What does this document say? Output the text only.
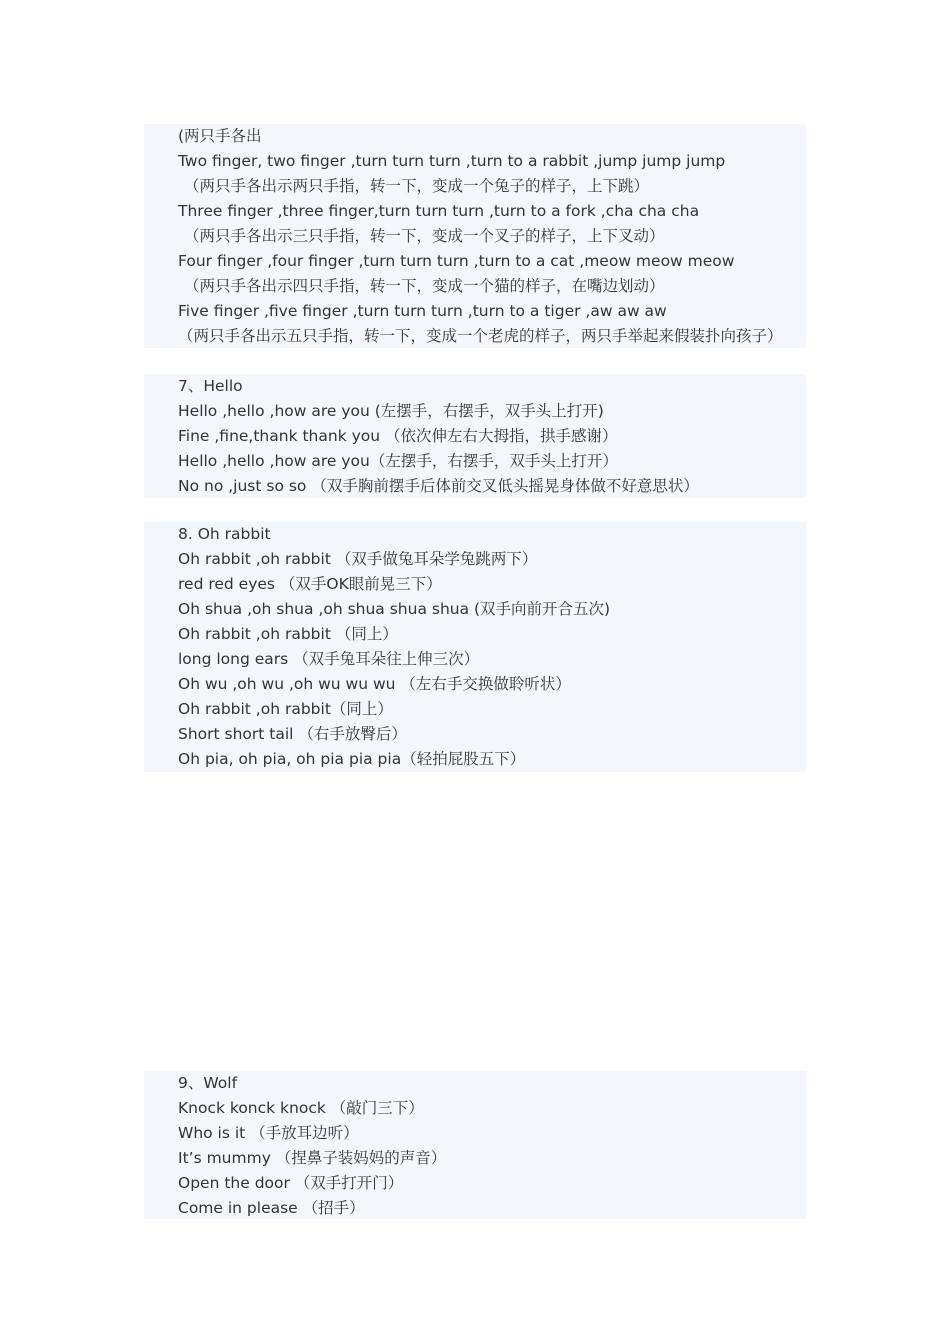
(两只手各出
Two finger, two finger ,turn turn turn ,turn to a rabbit ,jump jump jump
（两只手各出示两只手指，转一下，变成一个兔子的样子，上下跳）
Three finger ,three finger,turn turn turn ,turn to a fork ,cha cha cha
（两只手各出示三只手指，转一下，变成一个叉子的样子，上下叉动）
Four finger ,four finger ,turn turn turn ,turn to a cat ,meow meow meow
（两只手各出示四只手指，转一下，变成一个猫的样子，在嘴边划动）
Five finger ,five finger ,turn turn turn ,turn to a tiger ,aw aw aw
（两只手各出示五只手指，转一下，变成一个老虎的样子，两只手举起来假装扑向孩子）
7、Hello
Hello ,hello ,how are you (左摆手，右摆手，双手头上打开)
Fine ,fine,thank thank you （依次伸左右大拇指，拱手感谢）
Hello ,hello ,how are you（左摆手，右摆手，双手头上打开）
No no ,just so so （双手胸前摆手后体前交叉低头摇晃身体做不好意思状）
8. Oh rabbit
Oh rabbit ,oh rabbit （双手做兔耳朵学兔跳两下）
red red eyes （双手OK眼前晃三下）
Oh shua ,oh shua ,oh shua shua shua (双手向前开合五次)
Oh rabbit ,oh rabbit （同上）
long long ears （双手兔耳朵往上伸三次）
Oh wu ,oh wu ,oh wu wu wu （左右手交换做聆听状）
Oh rabbit ,oh rabbit（同上）
Short short tail （右手放臀后）
Oh pia, oh pia, oh pia pia pia（轻拍屁股五下）
9、Wolf
Knock konck knock （敲门三下）
Who is it （手放耳边听）
It’s mummy （捏鼻子装妈妈的声音）
Open the door （双手打开门）
Come in please （招手）
